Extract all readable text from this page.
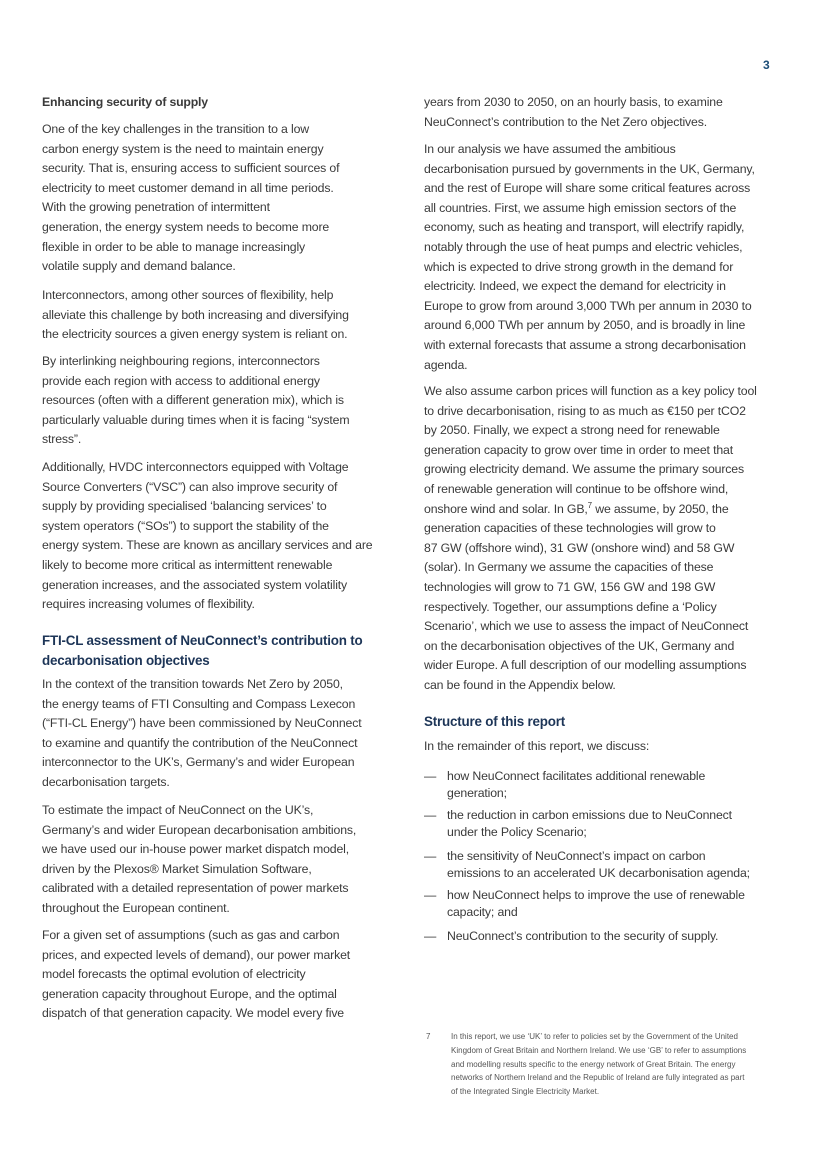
3
Enhancing security of supply
One of the key challenges in the transition to a low
carbon energy system is the need to maintain energy
security. That is, ensuring access to sufficient sources of
electricity to meet customer demand in all time periods.
With the growing penetration of intermittent
generation, the energy system needs to become more
flexible in order to be able to manage increasingly
volatile supply and demand balance.
Interconnectors, among other sources of flexibility, help
alleviate this challenge by both increasing and diversifying
the electricity sources a given energy system is reliant on.
By interlinking neighbouring regions, interconnectors
provide each region with access to additional energy
resources (often with a different generation mix), which is
particularly valuable during times when it is facing “system
stress”.
Additionally, HVDC interconnectors equipped with Voltage
Source Converters (“VSC”) can also improve security of
supply by providing specialised ‘balancing services’ to
system operators (“SOs”) to support the stability of the
energy system. These are known as ancillary services and are
likely to become more critical as intermittent renewable
generation increases, and the associated system volatility
requires increasing volumes of flexibility.
FTI-CL assessment of NeuConnect’s contribution to
decarbonisation objectives
In the context of the transition towards Net Zero by 2050,
the energy teams of FTI Consulting and Compass Lexecon
(“FTI-CL Energy”) have been commissioned by NeuConnect
to examine and quantify the contribution of the NeuConnect
interconnector to the UK’s, Germany’s and wider European
decarbonisation targets.
To estimate the impact of NeuConnect on the UK’s,
Germany’s and wider European decarbonisation ambitions,
we have used our in-house power market dispatch model,
driven by the Plexos® Market Simulation Software,
calibrated with a detailed representation of power markets
throughout the European continent.
For a given set of assumptions (such as gas and carbon
prices, and expected levels of demand), our power market
model forecasts the optimal evolution of electricity
generation capacity throughout Europe, and the optimal
dispatch of that generation capacity. We model every five
years from 2030 to 2050, on an hourly basis, to examine
NeuConnect’s contribution to the Net Zero objectives.
In our analysis we have assumed the ambitious
decarbonisation pursued by governments in the UK, Germany,
and the rest of Europe will share some critical features across
all countries. First, we assume high emission sectors of the
economy, such as heating and transport, will electrify rapidly,
notably through the use of heat pumps and electric vehicles,
which is expected to drive strong growth in the demand for
electricity. Indeed, we expect the demand for electricity in
Europe to grow from around 3,000 TWh per annum in 2030 to
around 6,000 TWh per annum by 2050, and is broadly in line
with external forecasts that assume a strong decarbonisation
agenda.
We also assume carbon prices will function as a key policy tool
to drive decarbonisation, rising to as much as €150 per tCO2
by 2050. Finally, we expect a strong need for renewable
generation capacity to grow over time in order to meet that
growing electricity demand. We assume the primary sources
of renewable generation will continue to be offshore wind,
onshore wind and solar. In GB,$^7$ we assume, by 2050, the
generation capacities of these technologies will grow to
87 GW (offshore wind), 31 GW (onshore wind) and 58 GW
(solar). In Germany we assume the capacities of these
technologies will grow to 71 GW, 156 GW and 198 GW
respectively. Together, our assumptions define a ‘Policy
Scenario’, which we use to assess the impact of NeuConnect
on the decarbonisation objectives of the UK, Germany and
wider Europe. A full description of our modelling assumptions
can be found in the Appendix below.
Structure of this report
In the remainder of this report, we discuss:
— how NeuConnect facilitates additional renewable
generation;
— the reduction in carbon emissions due to NeuConnect
under the Policy Scenario;
— the sensitivity of NeuConnect’s impact on carbon
emissions to an accelerated UK decarbonisation agenda;
— how NeuConnect helps to improve the use of renewable
capacity; and
— NeuConnect’s contribution to the security of supply.
7	In this report, we use ‘UK’ to refer to policies set by the Government of the United
Kingdom of Great Britain and Northern Ireland. We use ‘GB’ to refer to assumptions
and modelling results specific to the energy network of Great Britain. The energy
networks of Northern Ireland and the Republic of Ireland are fully integrated as part
of the Integrated Single Electricity Market.
